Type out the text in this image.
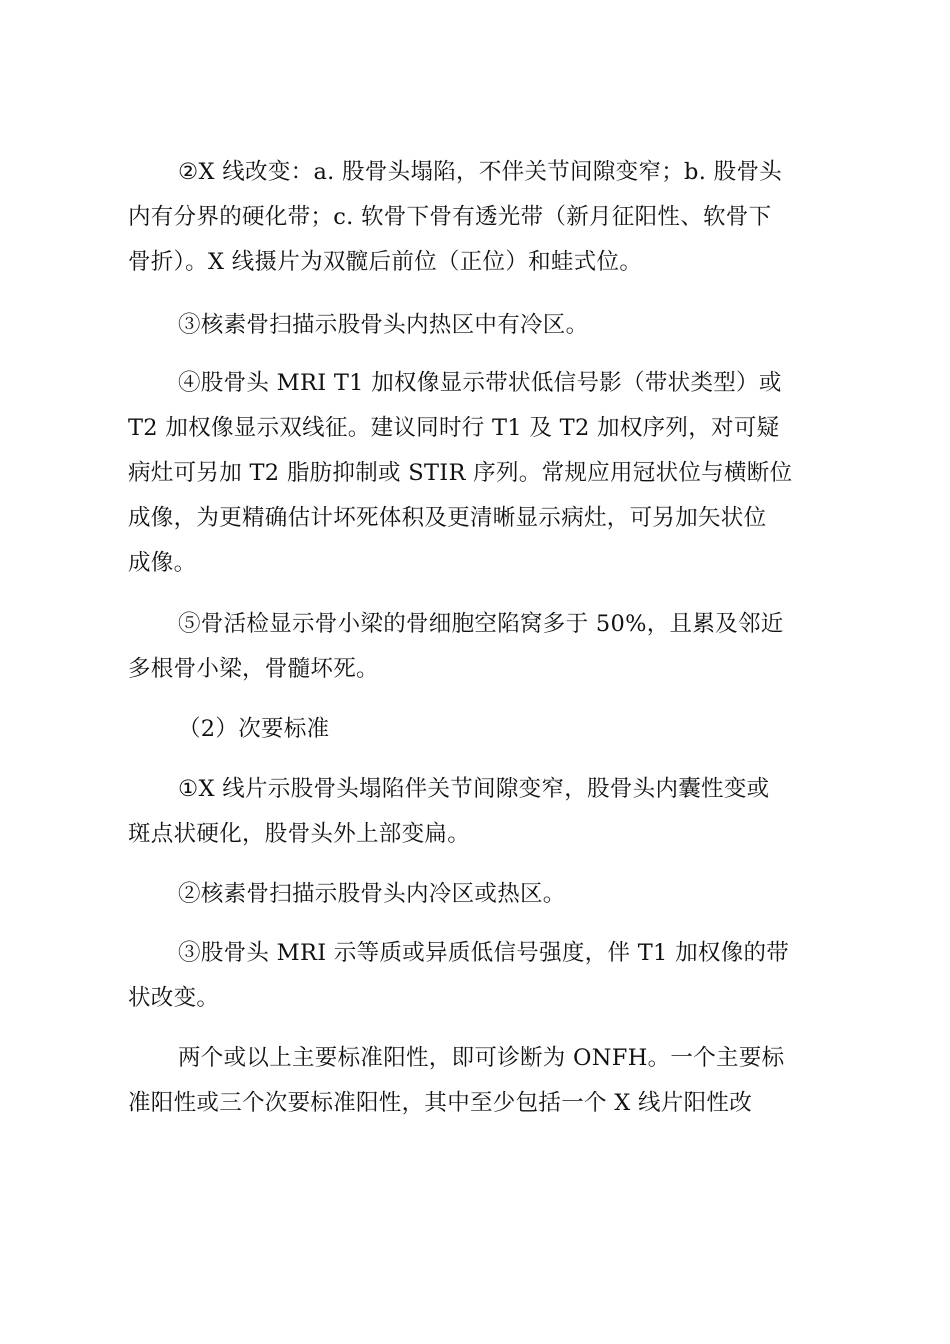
②X 线改变：a. 股骨头塌陷，不伴关节间隙变窄；b. 股骨头
内有分界的硬化带；c. 软骨下骨有透光带（新月征阳性、软骨下
骨折）。X 线摄片为双髋后前位（正位）和蛙式位。
③核素骨扫描示股骨头内热区中有冷区。
④股骨头 MRI T1 加权像显示带状低信号影（带状类型）或
T2 加权像显示双线征。建议同时行 T1 及 T2 加权序列，对可疑
病灶可另加 T2 脂肪抑制或 STIR 序列。常规应用冠状位与横断位
成像，为更精确估计坏死体积及更清晰显示病灶，可另加矢状位
成像。
⑤骨活检显示骨小梁的骨细胞空陷窝多于 50%，且累及邻近
多根骨小梁，骨髓坏死。
（2）次要标准
①X 线片示股骨头塌陷伴关节间隙变窄，股骨头内囊性变或
斑点状硬化，股骨头外上部变扁。
②核素骨扫描示股骨头内冷区或热区。
③股骨头 MRI 示等质或异质低信号强度，伴 T1 加权像的带
状改变。
两个或以上主要标准阳性，即可诊断为 ONFH。一个主要标
准阳性或三个次要标准阳性，其中至少包括一个 X 线片阳性改
